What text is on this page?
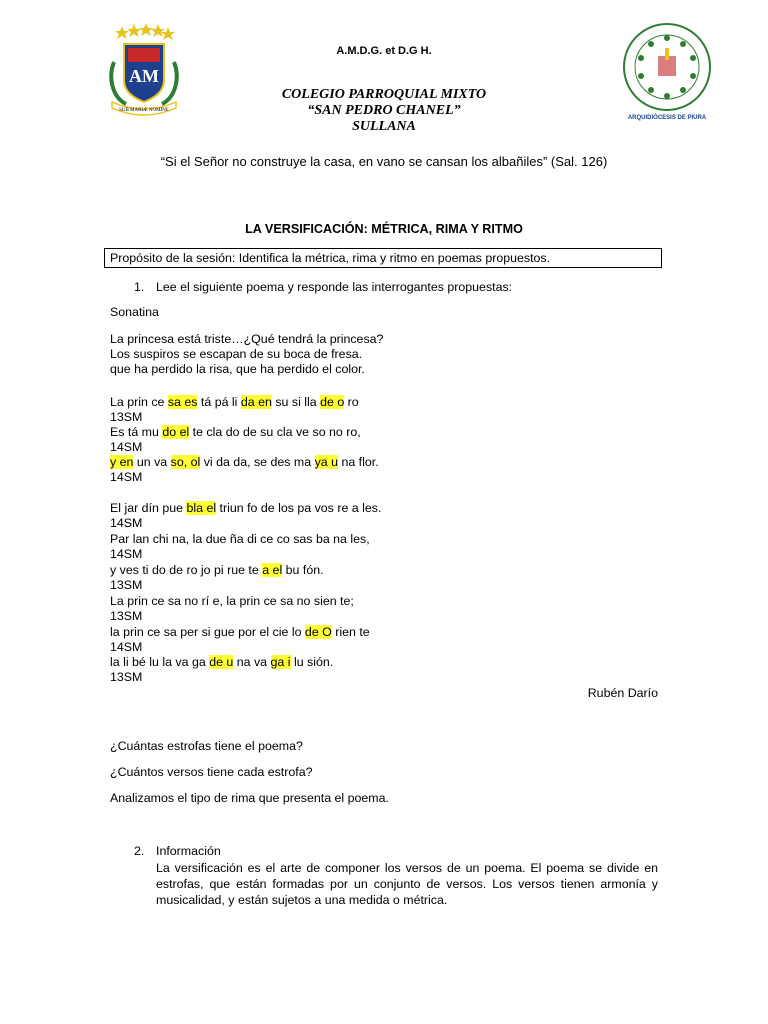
AM
SUB MARIÆ NOMINE
ARQUIDIÓCESIS DE PIURA
A.M.D.G. et D.G H.
COLEGIO PARROQUIAL MIXTO
“SAN PEDRO CHANEL”
SULLANA
“Si el Señor no construye la casa, en vano se cansan los albañiles” (Sal. 126)
LA VERSIFICACIÓN: MÉTRICA, RIMA Y RITMO
Propósito de la sesión: Identifica la métrica, rima y ritmo en poemas propuestos.
1. Lee el siguiente poema y responde las interrogantes propuestas:
Sonatina
La princesa está triste…¿Qué tendrá la princesa?
Los suspiros se escapan de su boca de fresa.
que ha perdido la risa, que ha perdido el color.
La prin ce sa es tá pá li da en su si lla de o ro
13SM
Es tá mu do el te cla do de su cla ve so no ro,
14SM
y en un va so, ol vi da da, se des ma ya u na flor.
14SM
El jar dín pue bla el triun fo de los pa vos re a les.
14SM
Par lan chi na, la due ña di ce co sas ba na les,
14SM
y ves ti do de ro jo pi rue te a el bu fón.
13SM
La prin ce sa no rí e, la prin ce sa no sien te;
13SM
la prin ce sa per si gue por el cie lo de O rien te
14SM
la li bé lu la va ga de u na va ga i lu sión.
13SM
Rubén Darío
¿Cuántas estrofas tiene el poema?
¿Cuántos versos tiene cada estrofa?
Analizamos el tipo de rima que presenta el poema.
2. Información
La versificación es el arte de componer los versos de un poema. El poema se divide en estrofas, que están formadas por un conjunto de versos. Los versos tienen armonía y musicalidad, y están sujetos a una medida o métrica.
